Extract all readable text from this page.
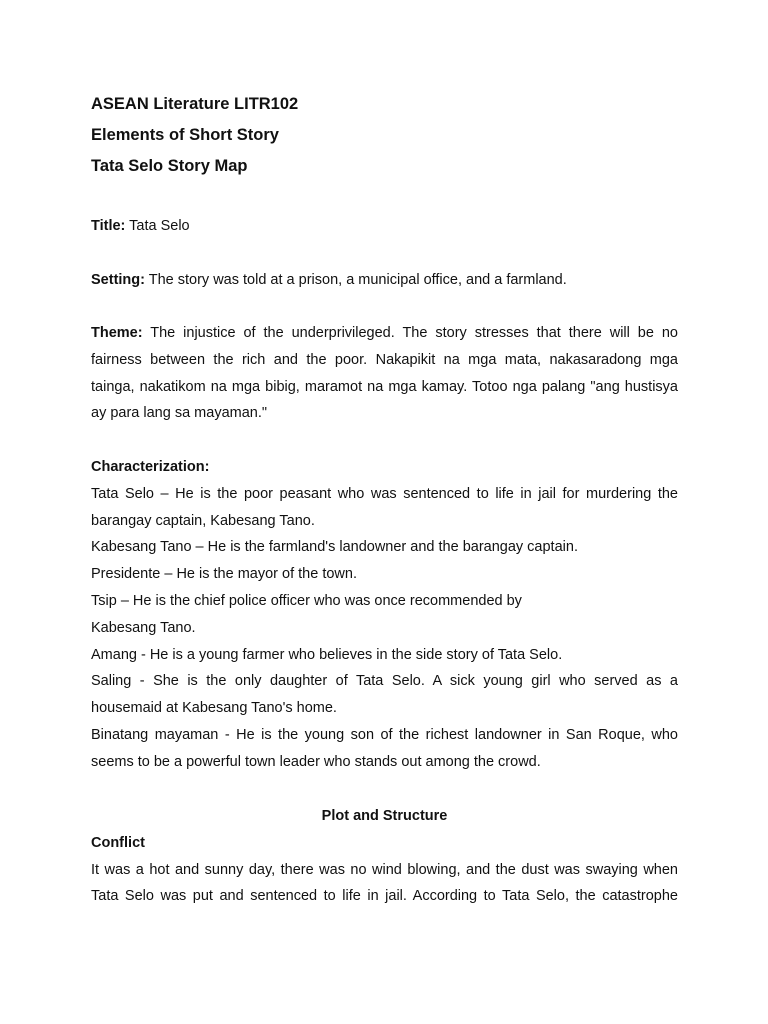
ASEAN Literature LITR102
Elements of Short Story
Tata Selo Story Map
Title: Tata Selo
Setting: The story was told at a prison, a municipal office, and a farmland.
Theme: The injustice of the underprivileged. The story stresses that there will be no
fairness between the rich and the poor. Nakapikit na mga mata, nakasaradong mga
tainga, nakatikom na mga bibig, maramot na mga kamay. Totoo nga palang "ang hustisya
ay para lang sa mayaman."
Characterization:
Tata Selo – He is the poor peasant who was sentenced to life in jail for murdering the
barangay captain, Kabesang Tano.
Kabesang Tano – He is the farmland's landowner and the barangay captain.
Presidente – He is the mayor of the town.
Tsip – He is the chief police officer who was once recommended by
Kabesang Tano.
Amang - He is a young farmer who believes in the side story of Tata Selo.
Saling - She is the only daughter of Tata Selo. A sick young girl who served as a
housemaid at Kabesang Tano's home.
Binatang mayaman - He is the young son of the richest landowner in San Roque, who
seems to be a powerful town leader who stands out among the crowd.
Plot and Structure
Conflict
It was a hot and sunny day, there was no wind blowing, and the dust was swaying when
Tata Selo was put and sentenced to life in jail. According to Tata Selo, the catastrophe
